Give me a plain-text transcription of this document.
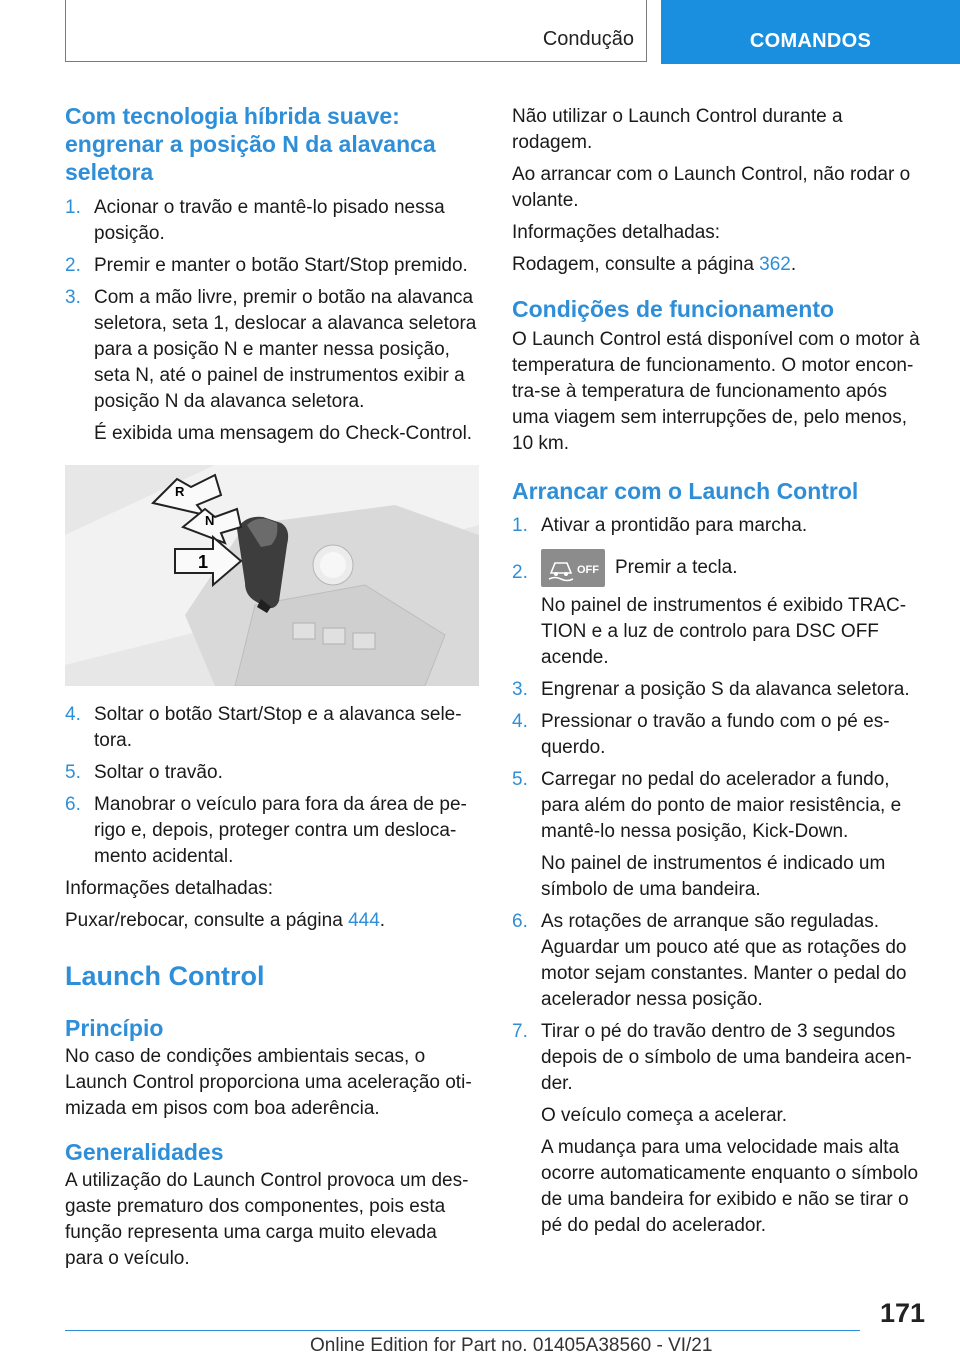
Condução	COMANDOS
Com tecnologia híbrida suave: engrenar a posição N da alavanca seletora
1. Acionar o travão e mantê-lo pisado nessa posição.

2. Premir e manter o botão Start/Stop premido.

3. Com a mão livre, premir o botão na alavanca seletora, seta 1, deslocar a alavanca seletora para a posição N e manter nessa posição, seta N, até o painel de instrumentos exibir a posição N da alavanca seletora.

É exibida uma mensagem do Check-Control.

R
N
1
4. Soltar o botão Start/Stop e a alavanca seletora.

5. Soltar o travão.

6. Manobrar o veículo para fora da área de perigo e, depois, proteger contra um deslocamento acidental.

Informações detalhadas:

Puxar/rebocar, consulte a página 444.

Launch Control
Princípio

No caso de condições ambientais secas, o Launch Control proporciona uma aceleração otimizada em pisos com boa aderência.

Generalidades

A utilização do Launch Control provoca um desgaste prematuro dos componentes, pois esta função representa uma carga muito elevada para o veículo.

Não utilizar o Launch Control durante a rodagem.

Ao arrancar com o Launch Control, não rodar o volante.

Informações detalhadas:

Rodagem, consulte a página 362.

Condições de funcionamento

O Launch Control está disponível com o motor à temperatura de funcionamento. O motor encontra-se à temperatura de funcionamento após uma viagem sem interrupções de, pelo menos, 10 km.

Arrancar com o Launch Control
1. Ativar a prontidão para marcha.

2.	OFF Premir a tecla.

No painel de instrumentos é exibido TRACTION e a luz de controlo para DSC OFF acende.

3. Engrenar a posição S da alavanca seletora.

4. Pressionar o travão a fundo com o pé esquerdo.

5. Carregar no pedal do acelerador a fundo, para além do ponto de maior resistência, e mantê-lo nessa posição, Kick-Down.

No painel de instrumentos é indicado um símbolo de uma bandeira.

6. As rotações de arranque são reguladas. Aguardar um pouco até que as rotações do motor sejam constantes. Manter o pedal do acelerador nessa posição.

7. Tirar o pé do travão dentro de 3 segundos depois de o símbolo de uma bandeira acender.

O veículo começa a acelerar.

A mudança para uma velocidade mais alta ocorre automaticamente enquanto o símbolo de uma bandeira for exibido e não se tirar o pé do pedal do acelerador.

171
Online Edition for Part no. 01405A38560 - VI/21
